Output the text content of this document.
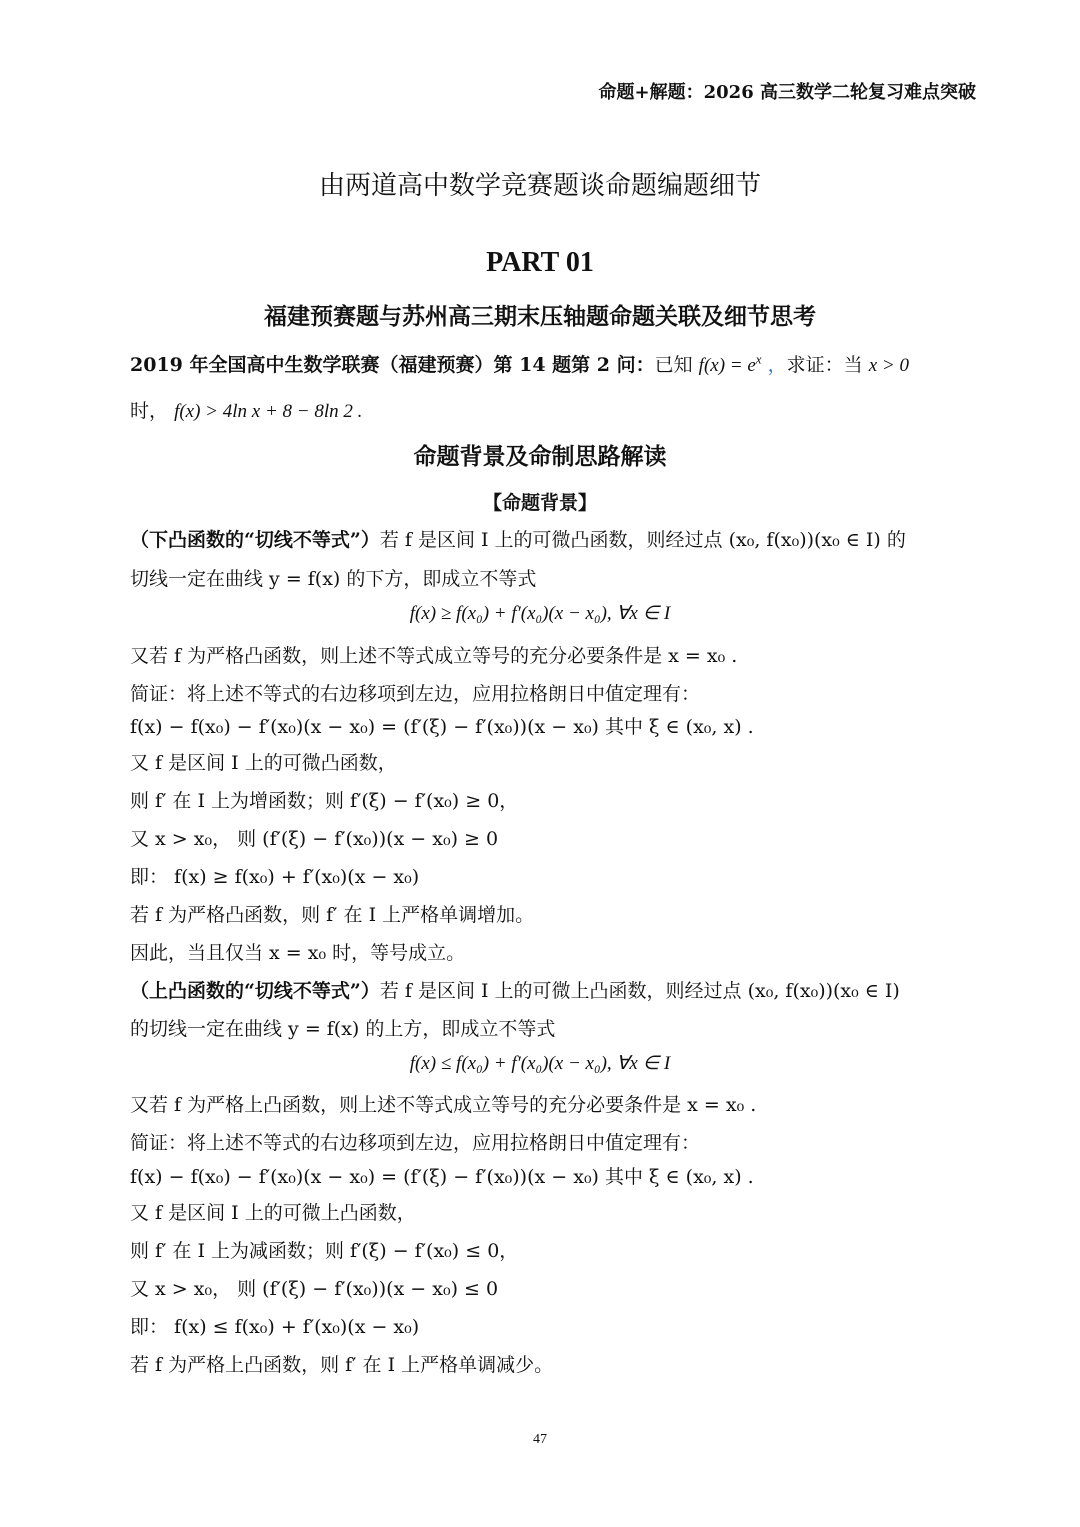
命题+解题：2026 高三数学二轮复习难点突破
由两道高中数学竞赛题谈命题编题细节
PART 01
福建预赛题与苏州高三期末压轴题命题关联及细节思考
2019 年全国高中生数学联赛（福建预赛）第 14 题第 2 问：已知 $f(x) = e^x$ ，求证：当 x > 0
时， f(x) > 4ln x + 8 − 8ln 2 .
命题背景及命制思路解读
【命题背景】
（下凸函数的“切线不等式”）若 f 是区间 I 上的可微凸函数，则经过点 (x₀, f(x₀))(x₀ ∈ I) 的
切线一定在曲线 y = f(x) 的下方，即成立不等式
f(x) ≥ f(x₀) + f′(x₀)(x − x₀), ∀x ∈ I
又若 f 为严格凸函数，则上述不等式成立等号的充分必要条件是 x = x₀ .
简证：将上述不等式的右边移项到左边，应用拉格朗日中值定理有：
f(x) − f(x₀) − f′(x₀)(x − x₀) = (f′(ξ) − f′(x₀))(x − x₀) 其中 ξ ∈ (x₀, x) .
又 f 是区间 I 上的可微凸函数，
则 f′ 在 I 上为增函数；则 f′(ξ) − f′(x₀) ≥ 0，
又 x > x₀， 则 (f′(ξ) − f′(x₀))(x − x₀) ≥ 0
即： f(x) ≥ f(x₀) + f′(x₀)(x − x₀)
若 f 为严格凸函数，则 f′ 在 I 上严格单调增加。
因此，当且仅当 x = x₀ 时，等号成立。
（上凸函数的“切线不等式”）若 f 是区间 I 上的可微上凸函数，则经过点 (x₀, f(x₀))(x₀ ∈ I)
的切线一定在曲线 y = f(x) 的上方，即成立不等式
f(x) ≤ f(x₀) + f′(x₀)(x − x₀), ∀x ∈ I
又若 f 为严格上凸函数，则上述不等式成立等号的充分必要条件是 x = x₀ .
简证：将上述不等式的右边移项到左边，应用拉格朗日中值定理有：
f(x) − f(x₀) − f′(x₀)(x − x₀) = (f′(ξ) − f′(x₀))(x − x₀) 其中 ξ ∈ (x₀, x) .
又 f 是区间 I 上的可微上凸函数，
则 f′ 在 I 上为减函数；则 f′(ξ) − f′(x₀) ≤ 0，
又 x > x₀， 则 (f′(ξ) − f′(x₀))(x − x₀) ≤ 0
即： f(x) ≤ f(x₀) + f′(x₀)(x − x₀)
若 f 为严格上凸函数，则 f′ 在 I 上严格单调减少。
47
